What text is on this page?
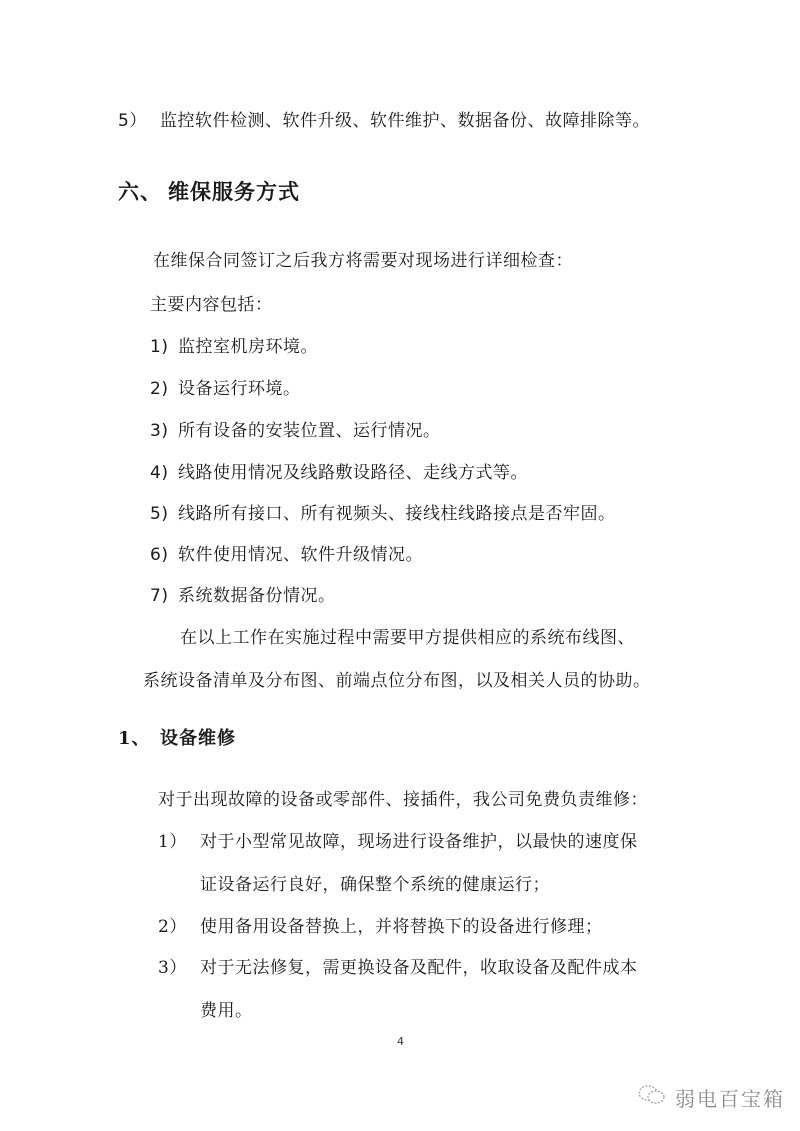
5） 监控软件检测、软件升级、软件维护、数据备份、故障排除等。
六、 维保服务方式
在维保合同签订之后我方将需要对现场进行详细检查：
主要内容包括：
1) 监控室机房环境。
2) 设备运行环境。
3) 所有设备的安装位置、运行情况。
4) 线路使用情况及线路敷设路径、走线方式等。
5) 线路所有接口、所有视频头、接线柱线路接点是否牢固。
6) 软件使用情况、软件升级情况。
7) 系统数据备份情况。
在以上工作在实施过程中需要甲方提供相应的系统布线图、
系统设备清单及分布图、前端点位分布图，以及相关人员的协助。
1、 设备维修
对于出现故障的设备或零部件、接插件，我公司免费负责维修：
1） 对于小型常见故障，现场进行设备维护，以最快的速度保
证设备运行良好，确保整个系统的健康运行；
2） 使用备用设备替换上，并将替换下的设备进行修理；
3） 对于无法修复，需更换设备及配件，收取设备及配件成本
费用。
4
弱电百宝箱
